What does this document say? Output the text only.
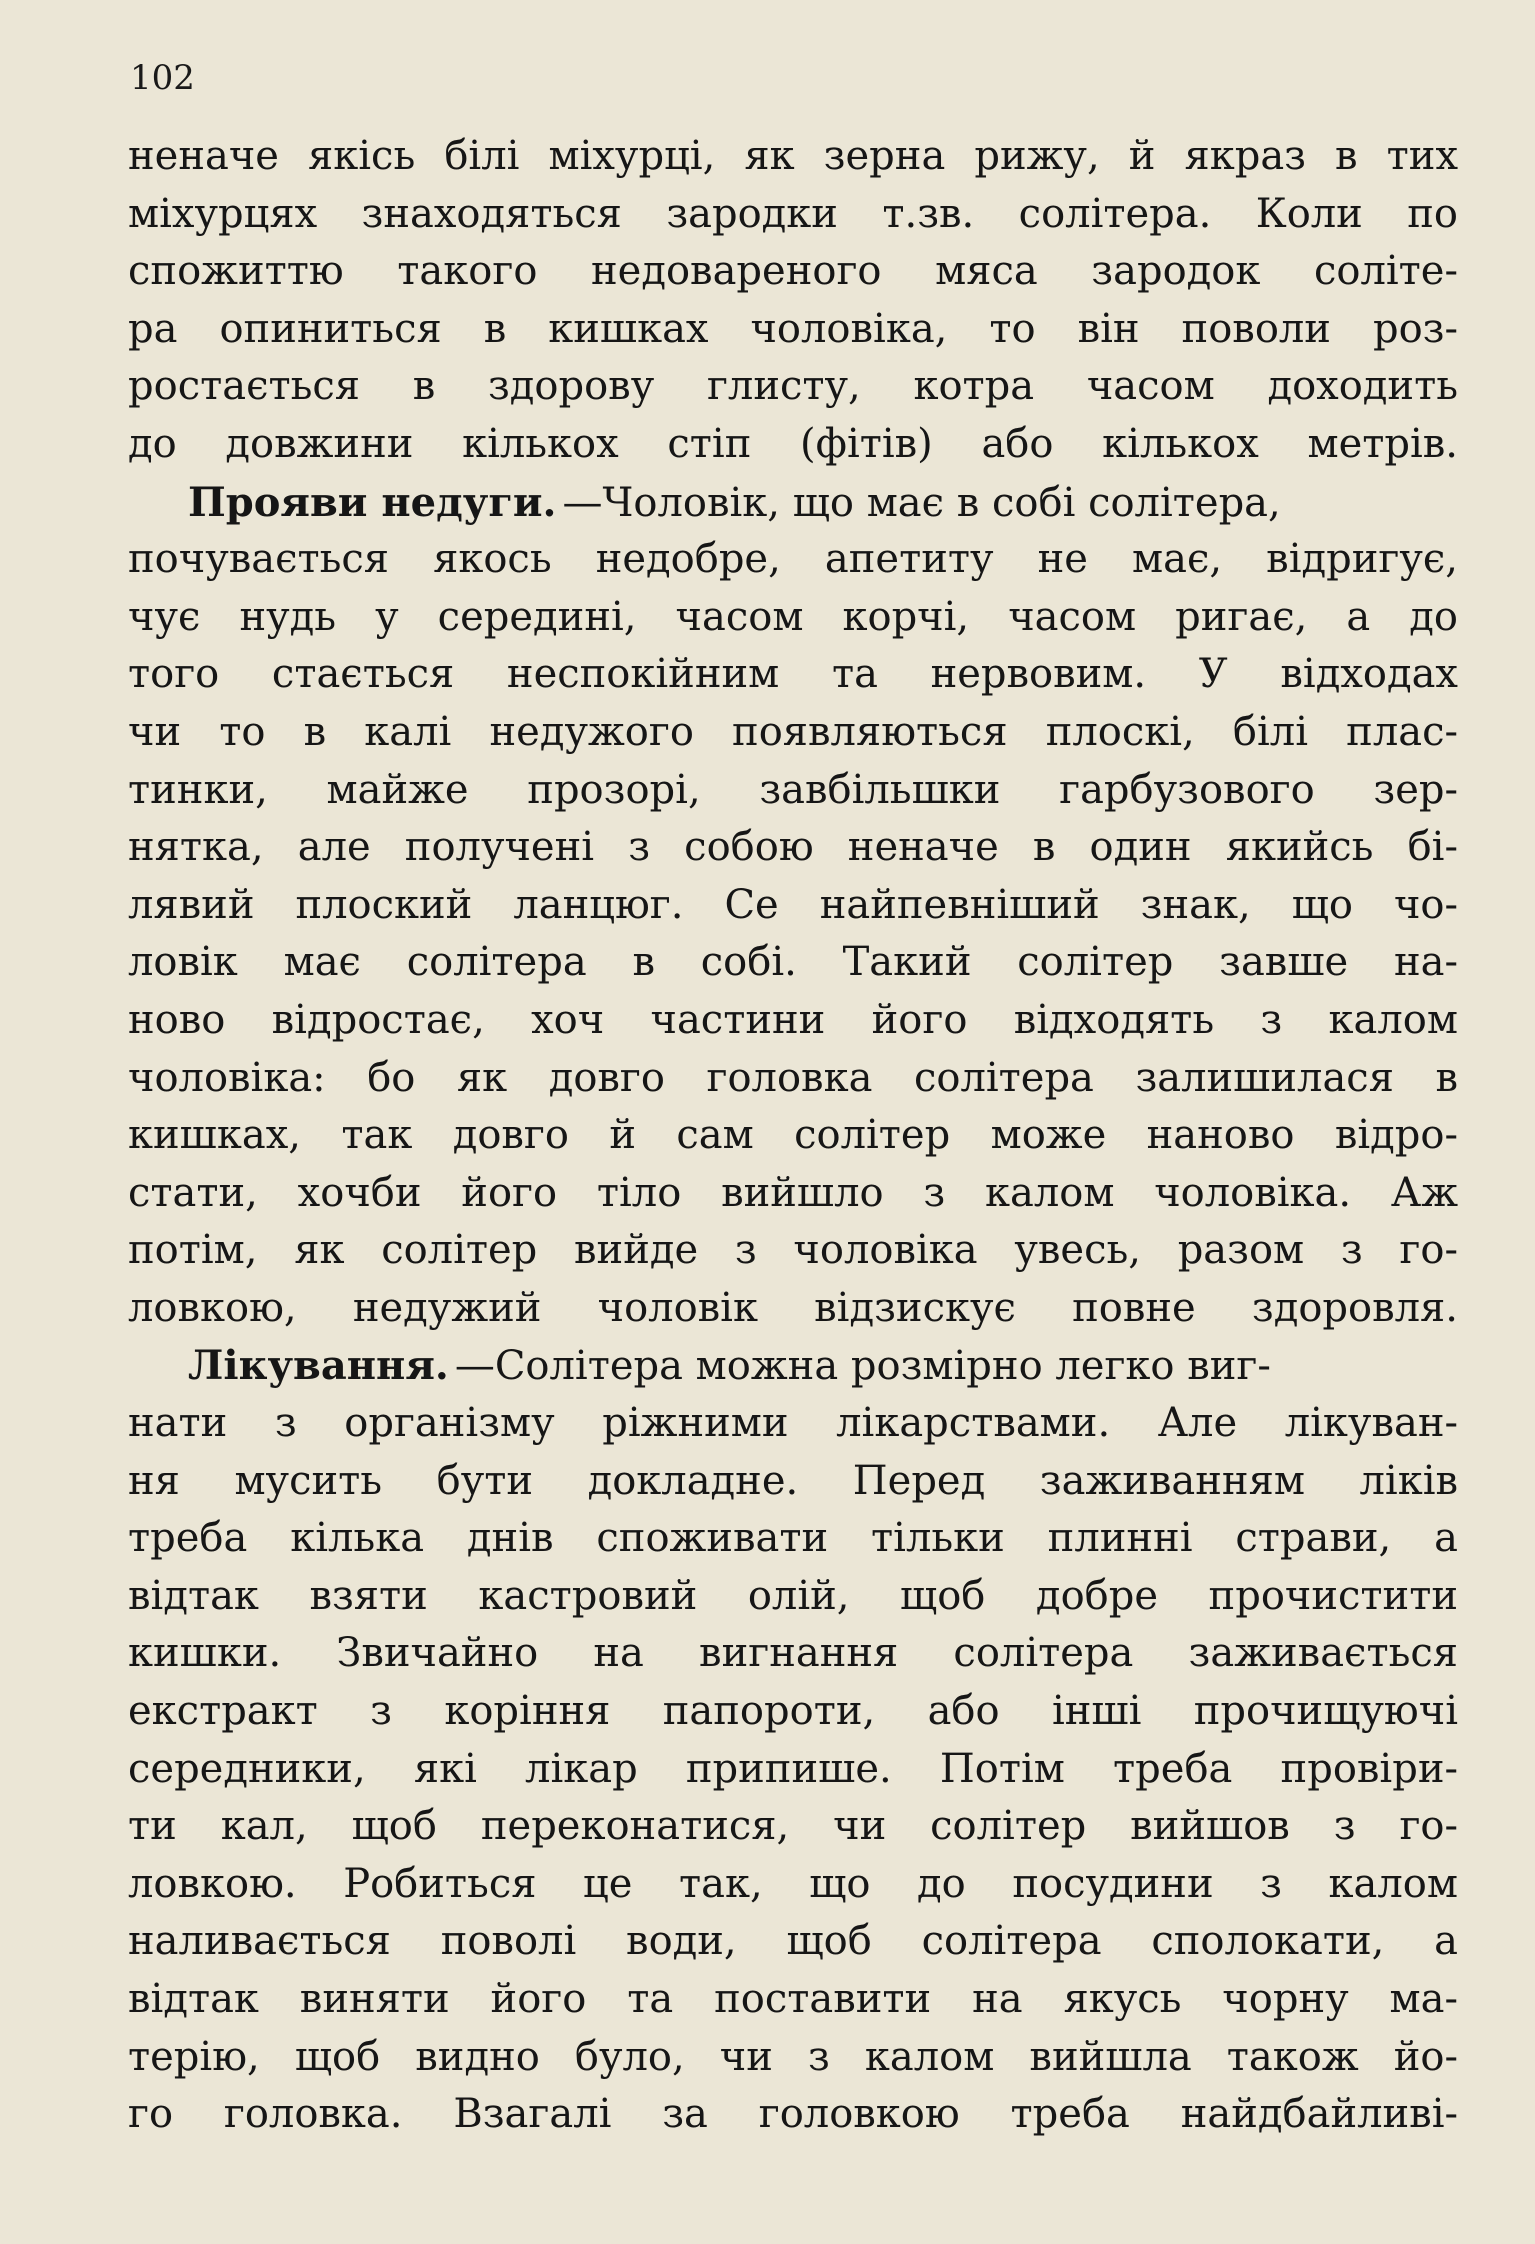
102
неначе якісь білі міхурці, як зерна рижу, й якраз в тих
міхурцях знаходяться зародки т.зв. солітера. Коли по
спожиттю такого недовареного мяса зародок соліте-
ра опиниться в кишках чоловіка, то він поволи роз-
ростається в здорову глисту, котра часом доходить
до довжини кількох стіп (фітів) або кількох метрів.
Прояви недуги. —Чоловік, що має в собі солітера,
почувається якось недобре, апетиту не має, відригує,
чує нудь у середині, часом корчі, часом ригає, а до
того стається неспокійним та нервовим. У відходах
чи то в калі недужого появляються плоскі, білі плас-
тинки, майже прозорі, завбільшки гарбузового зер-
нятка, але получені з собою неначе в один якийсь бі-
лявий плоский ланцюг. Се найпевніший знак, що чо-
ловік має солітера в собі. Такий солітер завше на-
ново відростає, хоч частини його відходять з калом
чоловіка: бо як довго головка солітера залишилася в
кишках, так довго й сам солітер може наново відро-
стати, хочби його тіло вийшло з калом чоловіка. Аж
потім, як солітер вийде з чоловіка увесь, разом з го-
ловкою, недужий чоловік відзискує повне здоровля.
Лікування. —Солітера можна розмірно легко виг-
нати з організму ріжними лікарствами. Але лікуван-
ня мусить бути докладне. Перед заживанням ліків
треба кілька днів споживати тільки плинні страви, а
відтак взяти кастровий олій, щоб добре прочистити
кишки. Звичайно на вигнання солітера заживається
екстракт з коріння папороти, або інші прочищуючі
середники, які лікар припише. Потім треба провіри-
ти кал, щоб переконатися, чи солітер вийшов з го-
ловкою. Робиться це так, що до посудини з калом
наливається поволі води, щоб солітера сполокати, а
відтак виняти його та поставити на якусь чорну ма-
терію, щоб видно було, чи з калом вийшла також йо-
го головка. Взагалі за головкою треба найдбайливі-
